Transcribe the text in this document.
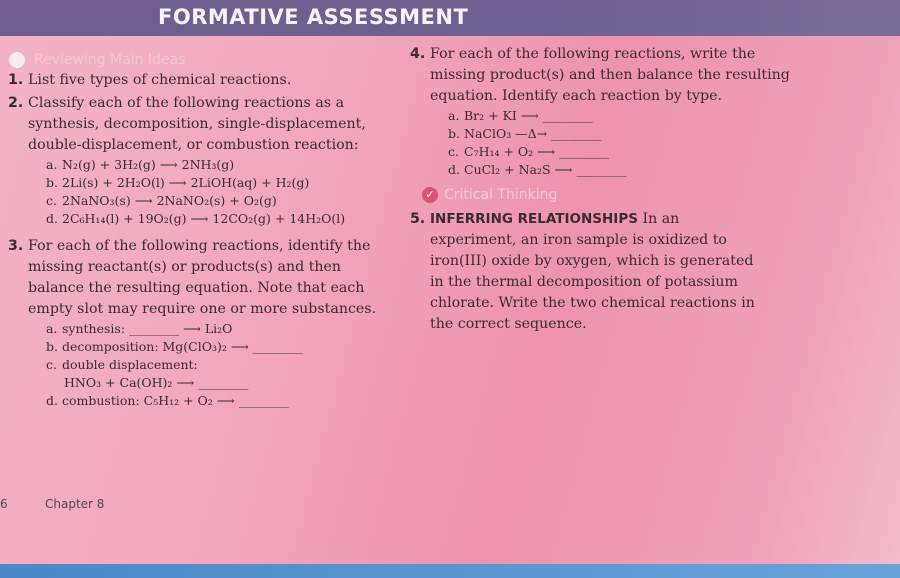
FORMATIVE ASSESSMENT
Reviewing Main Ideas

1. List five types of chemical reactions.

2. Classify each of the following reactions as a
synthesis, decomposition, single-displacement,
double-displacement, or combustion reaction:
a. N₂(g) + 3H₂(g) ⟶ 2NH₃(g)
b. 2Li(s) + 2H₂O(l) ⟶ 2LiOH(aq) + H₂(g)
c. 2NaNO₃(s) ⟶ 2NaNO₂(s) + O₂(g)
d. 2C₆H₁₄(l) + 19O₂(g) ⟶ 12CO₂(g) + 14H₂O(l)
3. For each of the following reactions, identify the
missing reactant(s) or products(s) and then
balance the resulting equation. Note that each
empty slot may require one or more substances.
a. synthesis: ________ ⟶ Li₂O
b. decomposition: Mg(ClO₃)₂ ⟶ ________
c. double displacement:
HNO₃ + Ca(OH)₂ ⟶ ________
d. combustion: C₅H₁₂ + O₂ ⟶ ________
4. For each of the following reactions, write the
missing product(s) and then balance the resulting
equation. Identify each reaction by type.
a. Br₂ + KI ⟶ ________
b. NaClO₃ —Δ→ ________
c. C₇H₁₄ + O₂ ⟶ ________
d. CuCl₂ + Na₂S ⟶ ________
✓ Critical Thinking
5. INFERRING RELATIONSHIPS In an
experiment, an iron sample is oxidized to
iron(III) oxide by oxygen, which is generated
in the thermal decomposition of potassium
chlorate. Write the two chemical reactions in
the correct sequence.
6	Chapter 8
